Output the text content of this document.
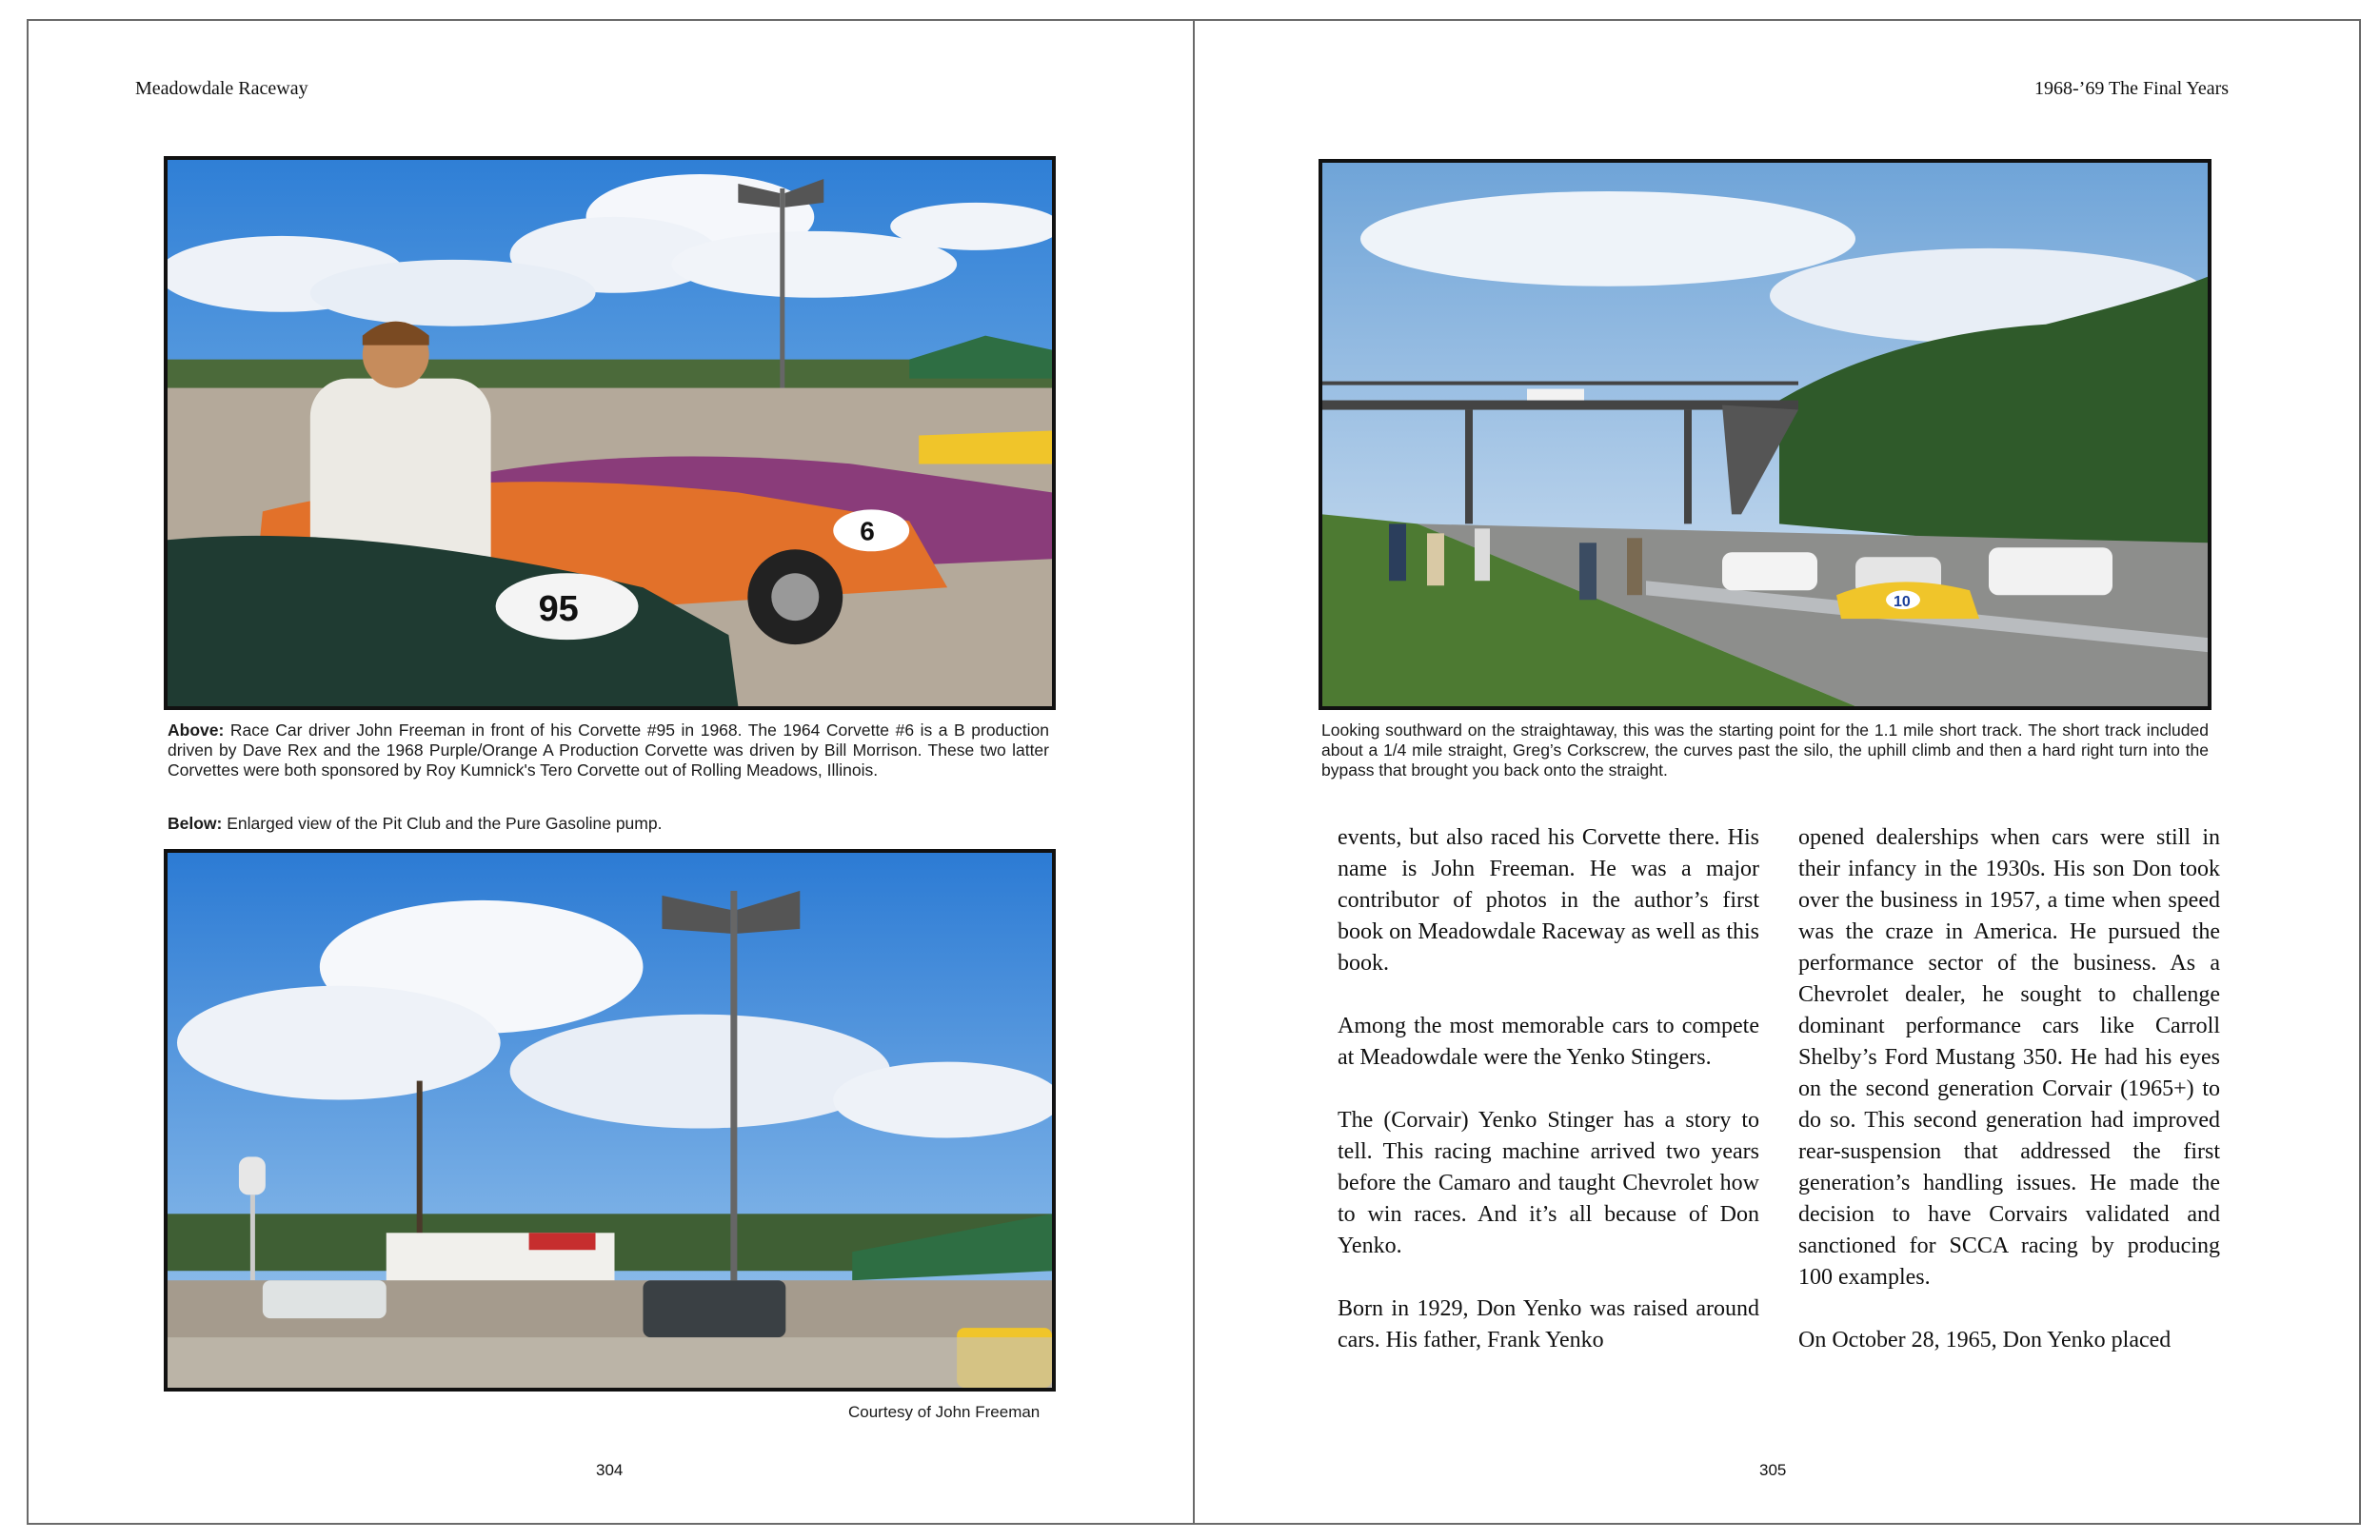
Meadowdale Raceway
6
95
Above: Race Car driver John Freeman in front of his Corvette #95 in 1968. The 1964 Corvette #6 is a B production driven by Dave Rex and the 1968 Purple/Orange A Production Corvette was driven by Bill Morrison. These two latter Corvettes were both sponsored by Roy Kumnick's Tero Corvette out of Rolling Meadows, Illinois.
Below: Enlarged view of the Pit Club and the Pure Gasoline pump.
Courtesy of John Freeman
304
1968-’69 The Final Years
10
Looking southward on the straightaway, this was the starting point for the 1.1 mile short track. The short track included about a 1/4 mile straight, Greg’s Corkscrew, the curves past the silo, the uphill climb and then a hard right turn into the bypass that brought you back onto the straight.

events, but also raced his Corvette there. His name is John Freeman. He was a major contributor of photos in the author’s first book on Meadowdale Raceway as well as this book.

Among the most memorable cars to compete at Meadowdale were the Yenko Stingers.

The (Corvair) Yenko Stinger has a story to tell. This racing machine arrived two years before the Camaro and taught Chevrolet how to win races. And it’s all because of Don Yenko.

Born in 1929, Don Yenko was raised around cars. His father, Frank Yenko

opened dealerships when cars were still in their infancy in the 1930s. His son Don took over the business in 1957, a time when speed was the craze in America. He pursued the performance sector of the business. As a Chevrolet dealer, he sought to challenge dominant performance cars like Carroll Shelby’s Ford Mustang 350. He had his eyes on the second generation Corvair (1965+) to do so. This second generation had improved rear-suspension that addressed the first generation’s handling issues. He made the decision to have Corvairs validated and sanctioned for SCCA racing by producing 100 examples.

On October 28, 1965, Don Yenko placed

305
